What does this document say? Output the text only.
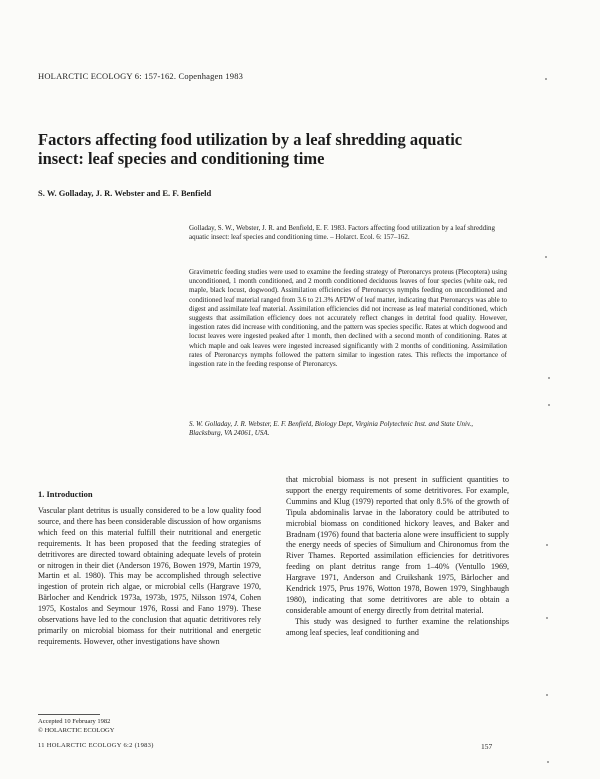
HOLARCTIC ECOLOGY 6: 157-162. Copenhagen 1983
Factors affecting food utilization by a leaf shredding aquatic insect: leaf species and conditioning time
S. W. Golladay, J. R. Webster and E. F. Benfield
Golladay, S. W., Webster, J. R. and Benfield, E. F. 1983. Factors affecting food utilization by a leaf shredding aquatic insect: leaf species and conditioning time. – Holarct. Ecol. 6: 157–162.
Gravimetric feeding studies were used to examine the feeding strategy of Pteronarcys proteus (Plecoptera) using unconditioned, 1 month conditioned, and 2 month conditioned deciduous leaves of four species (white oak, red maple, black locust, dogwood). Assimilation efficiencies of Pteronarcys nymphs feeding on unconditioned and conditioned leaf material ranged from 3.6 to 21.3% AFDW of leaf matter, indicating that Pteronarcys was able to digest and assimilate leaf material. Assimilation efficiencies did not increase as leaf material conditioned, which suggests that assimilation efficiency does not accurately reflect changes in detrital food quality. However, ingestion rates did increase with conditioning, and the pattern was species specific. Rates at which dogwood and locust leaves were ingested peaked after 1 month, then declined with a second month of conditioning. Rates at which maple and oak leaves were ingested increased significantly with 2 months of conditioning. Assimilation rates of Pteronarcys nymphs followed the pattern similar to ingestion rates. This reflects the importance of ingestion rate in the feeding response of Pteronarcys.
S. W. Golladay, J. R. Webster, E. F. Benfield, Biology Dept, Virginia Polytechnic Inst. and State Univ., Blacksburg, VA 24061, USA.
1. Introduction
Vascular plant detritus is usually considered to be a low quality food source, and there has been considerable discussion of how organisms which feed on this material fulfill their nutritional and energetic requirements. It has been proposed that the feeding strategies of detritivores are directed toward obtaining adequate levels of protein or nitrogen in their diet (Anderson 1976, Bowen 1979, Martin 1979, Martin et al. 1980). This may be accomplished through selective ingestion of protein rich algae, or microbial cells (Hargrave 1970, Bärlocher and Kendrick 1973a, 1973b, 1975, Nilsson 1974, Cohen 1975, Kostalos and Seymour 1976, Rossi and Fano 1979). These observations have led to the conclusion that aquatic detritivores rely primarily on microbial biomass for their nutritional and energetic requirements. However, other investigations have shown

that microbial biomass is not present in sufficient quantities to support the energy requirements of some detritivores. For example, Cummins and Klug (1979) reported that only 8.5% of the growth of Tipula abdominalis larvae in the laboratory could be attributed to microbial biomass on conditioned hickory leaves, and Baker and Bradnam (1976) found that bacteria alone were insufficient to supply the energy needs of species of Simulium and Chironomus from the River Thames. Reported assimilation efficiencies for detritivores feeding on plant detritus range from 1–40% (Ventullo 1969, Hargrave 1971, Anderson and Cruikshank 1975, Bärlocher and Kendrick 1975, Prus 1976, Wotton 1978, Bowen 1979, Singhbaugh 1980), indicating that some detritivores are able to obtain a considerable amount of energy directly from detrital material.

This study was designed to further examine the relationships among leaf species, leaf conditioning and

Accepted 10 February 1982
© HOLARCTIC ECOLOGY
11 HOLARCTIC ECOLOGY 6:2 (1983)	157
